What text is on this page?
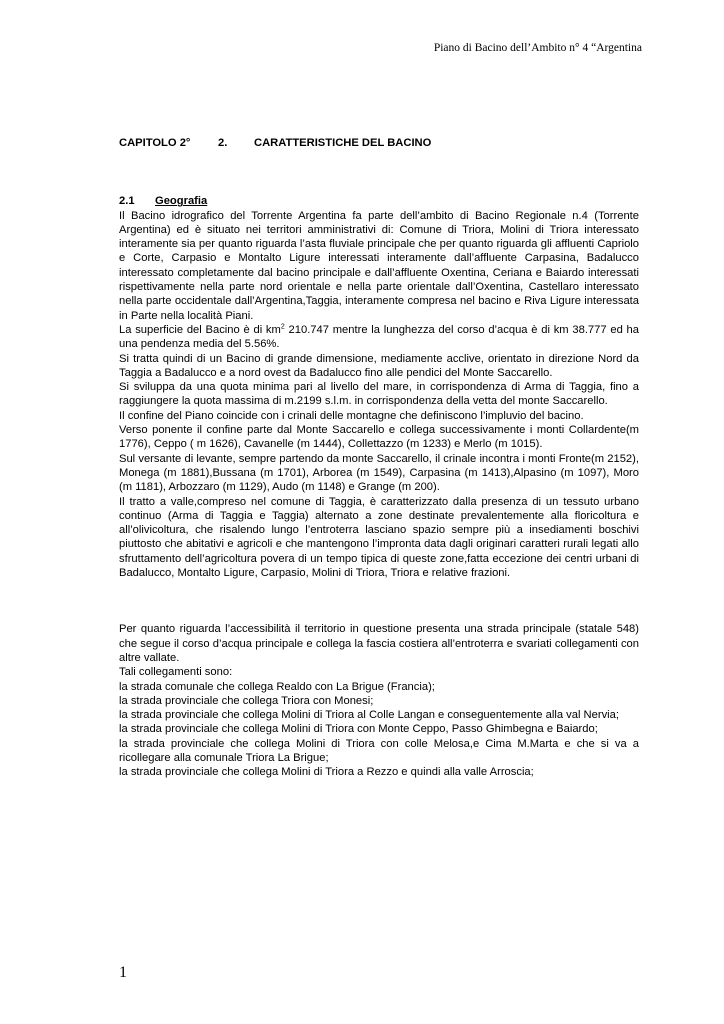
Piano di Bacino dell’Ambito n° 4 “Argentina

CAPITOLO 2° 2. CARATTERISTICHE DEL BACINO

2.1 Geografia

Il Bacino idrografico del Torrente Argentina fa parte dell’ambito di Bacino Regionale n.4 (Torrente Argentina) ed è situato nei territori amministrativi di: Comune di Triora, Molini di Triora interessato interamente sia per quanto riguarda l’asta fluviale principale che per quanto riguarda gli affluenti Capriolo e Corte, Carpasio e Montalto Ligure interessati interamente dall’affluente Carpasina, Badalucco interessato completamente dal bacino principale e dall’affluente Oxentina, Ceriana e Baiardo interessati rispettivamente nella parte nord orientale e nella parte orientale dall’Oxentina, Castellaro interessato nella parte occidentale dall’Argentina,Taggia, interamente compresa nel bacino e Riva Ligure interessata in Parte nella località Piani.

La superficie del Bacino è di $km^2$ 210.747 mentre la lunghezza del corso d’acqua è di km 38.777 ed ha una pendenza media del 5.56%.

Si tratta quindi di un Bacino di grande dimensione, mediamente acclive, orientato in direzione Nord da Taggia a Badalucco e a nord ovest da Badalucco fino alle pendici del Monte Saccarello.

Si sviluppa da una quota minima pari al livello del mare, in corrispondenza di Arma di Taggia, fino a raggiungere la quota massima di m.2199 s.l.m. in corrispondenza della vetta del monte Saccarello.

Il confine del Piano coincide con i crinali delle montagne che definiscono l’impluvio del bacino.

Verso ponente il confine parte dal Monte Saccarello e collega successivamente i monti Collardente(m 1776), Ceppo ( m 1626), Cavanelle (m 1444), Collettazzo (m 1233) e Merlo (m 1015).

Sul versante di levante, sempre partendo da monte Saccarello, il crinale incontra i monti Fronte(m 2152), Monega (m 1881),Bussana (m 1701), Arborea (m 1549), Carpasina (m 1413),Alpasino (m 1097), Moro (m 1181), Arbozzaro (m 1129), Audo (m 1148) e Grange (m 200).

Il tratto a valle,compreso nel comune di Taggia, è caratterizzato dalla presenza di un tessuto urbano continuo (Arma di Taggia e Taggia) alternato a zone destinate prevalentemente alla floricoltura e all’olivicoltura, che risalendo lungo l’entroterra lasciano spazio sempre più a insediamenti boschivi piuttosto che abitativi e agricoli e che mantengono l’impronta data dagli originari caratteri rurali legati allo sfruttamento dell’agricoltura povera di un tempo tipica di queste zone,fatta eccezione dei centri urbani di Badalucco, Montalto Ligure, Carpasio, Molini di Triora, Triora e relative frazioni.

Per quanto riguarda l’accessibilità il territorio in questione presenta una strada principale (statale 548) che segue il corso d’acqua principale e collega la fascia costiera all’entroterra e svariati collegamenti con altre vallate.

Tali collegamenti sono:

la strada comunale che collega Realdo con La Brigue (Francia);

la strada provinciale che collega Triora con Monesi;

la strada provinciale che collega Molini di Triora al Colle Langan e conseguentemente alla val Nervia;

la strada provinciale che collega Molini di Triora con Monte Ceppo, Passo Ghimbegna e Baiardo;

la strada provinciale che collega Molini di Triora con colle Melosa,e Cima M.Marta e che si va a ricollegare alla comunale Triora La Brigue;

la strada provinciale che collega Molini di Triora a Rezzo e quindi alla valle Arroscia;

1
